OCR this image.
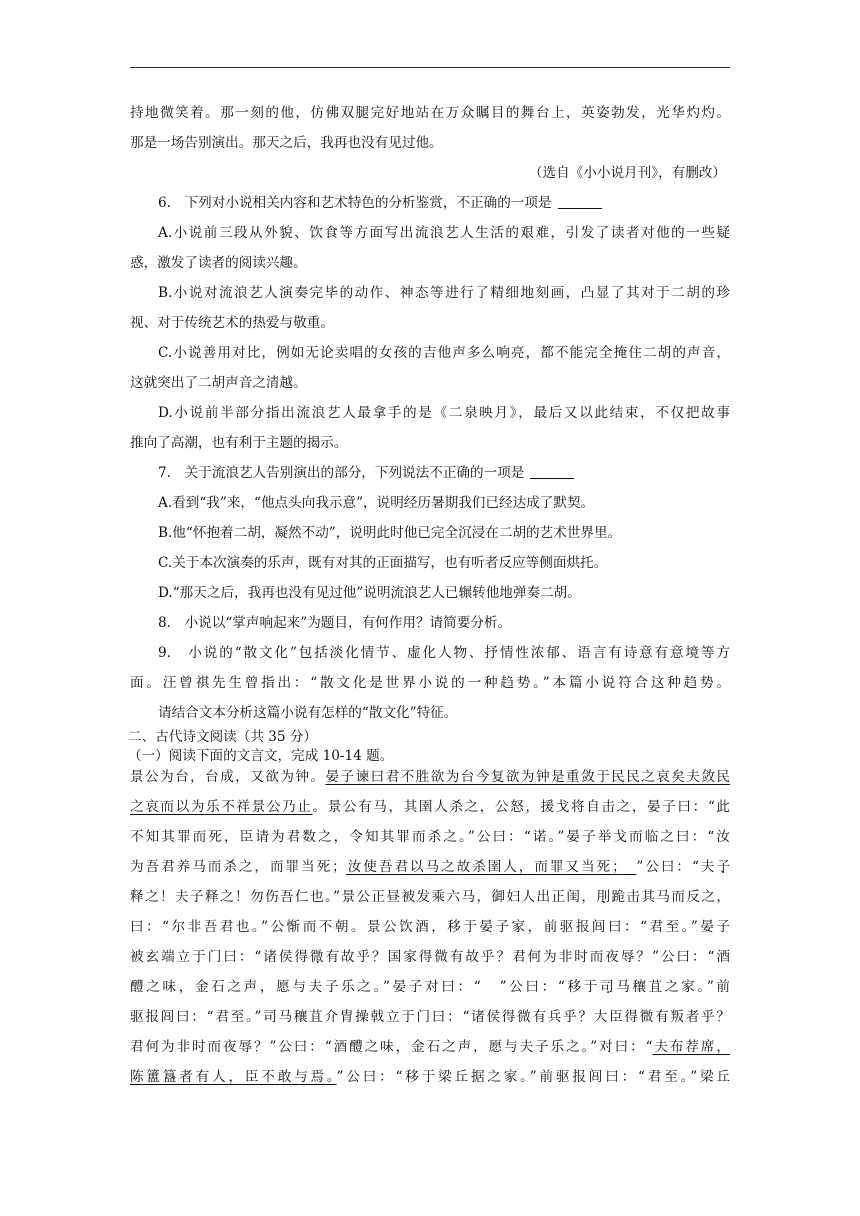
持地微笑着。那一刻的他，仿佛双腿完好地站在万众瞩目的舞台上，英姿勃发，光华灼灼。

那是一场告别演出。那天之后，我再也没有见过他。

（选自《小小说月刊》，有删改）

6.　下列对小说相关内容和艺术特色的分析鉴赏，不正确的一项是

A.小说前三段从外貌、饮食等方面写出流浪艺人生活的艰难，引发了读者对他的一些疑

惑，激发了读者的阅读兴趣。

B.小说对流浪艺人演奏完毕的动作、神态等进行了精细地刻画，凸显了其对于二胡的珍

视、对于传统艺术的热爱与敬重。

C.小说善用对比，例如无论卖唱的女孩的吉他声多么响亮，都不能完全掩住二胡的声音，

这就突出了二胡声音之清越。

D.小说前半部分指出流浪艺人最拿手的是《二泉映月》，最后又以此结束，不仅把故事

推向了高潮，也有利于主题的揭示。

7.　关于流浪艺人告别演出的部分，下列说法不正确的一项是

A.看到“我”来，“他点头向我示意”，说明经历暑期我们已经达成了默契。

B.他“怀抱着二胡，凝然不动”，说明此时他已完全沉浸在二胡的艺术世界里。

C.关于本次演奏的乐声，既有对其的正面描写，也有听者反应等侧面烘托。

D.“那天之后，我再也没有见过他”说明流浪艺人已辗转他地弹奏二胡。

8.　小说以“掌声响起来”为题目，有何作用？请简要分析。

9.　小说的“散文化”包括淡化情节、虚化人物、抒情性浓郁、语言有诗意有意境等方

面。汪曾祺先生曾指出：“散文化是世界小说的一种趋势。”本篇小说符合这种趋势。

请结合文本分析这篇小说有怎样的“散文化”特征。

二、古代诗文阅读（共 35 分）

（一）阅读下面的文言文，完成 10-14 题。

景公为台，台成，又欲为钟。晏子谏曰君不胜欲为台今复欲为钟是重敛于民民之哀矣夫敛民

之哀而以为乐不祥景公乃止。景公有马，其圉人杀之，公怒，援戈将自击之，晏子曰：“此

不知其罪而死，臣请为君数之，令知其罪而杀之。”公曰：“诺。”晏子举戈而临之曰：“汝

为吾君养马而杀之，而罪当死；汝使吾君以马之故杀圉人，而罪又当死；　 ”公曰：“夫子

释之！夫子释之！勿伤吾仁也。”景公正昼被发乘六马，御妇人出正闺，刖跪击其马而反之，

曰：“尔非吾君也。”公惭而不朝。景公饮酒，移于晏子家，前驱报闾曰：“君至。”晏子

被玄端立于门曰：“诸侯得微有故乎？国家得微有故乎？君何为非时而夜辱？”公曰：“酒

醴之味，金石之声，愿与夫子乐之。”晏子对曰：“　”公曰：“移于司马穰苴之家。”前

驱报闾曰：“君至。”司马穰苴介胄操戟立于门曰：“诸侯得微有兵乎？大臣得微有叛者乎？

君何为非时而夜辱？”公曰：“酒醴之味，金石之声，愿与夫子乐之。”对曰：“夫布荐席，

陈簠簋者有人，臣不敢与焉。”公曰：“移于梁丘据之家。”前驱报闾曰：“君至。”梁丘
